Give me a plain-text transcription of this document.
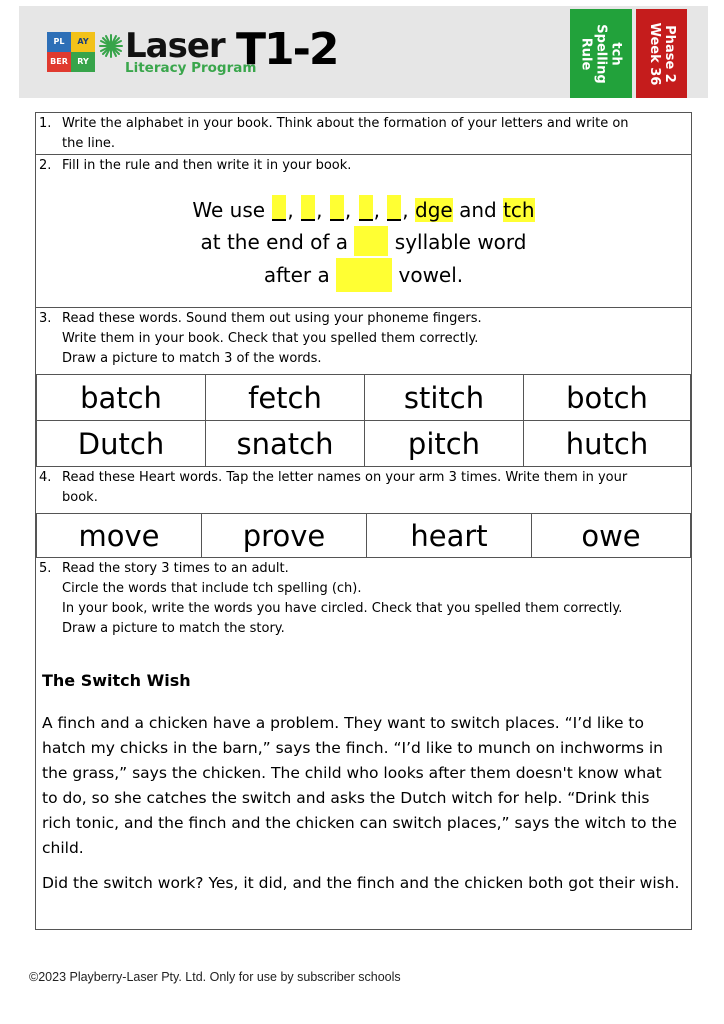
PL	AY
BER	RY Laser
Literacy Program
T1-2	tch
Spelling
Rule	Phase 2
Week 36
1. Write the alphabet in your book. Think about the formation of your letters and write on
the line.
2. Fill in the rule and then write it in your book.
We use , , , , , dge and tch
at the end of a syllable word
after a	vowel.
3. Read these words. Sound them out using your phoneme fingers.
Write them in your book. Check that you spelled them correctly.
Draw a picture to match 3 of the words.
batch	fetch	stitch	botch
Dutch	snatch	pitch	hutch
4. Read these Heart words. Tap the letter names on your arm 3 times. Write them in your
book.
move	prove	heart	owe
5. Read the story 3 times to an adult.
Circle the words that include tch spelling (ch).
In your book, write the words you have circled. Check that you spelled them correctly.
Draw a picture to match the story.
The Switch Wish

A finch and a chicken have a problem. They want to switch places. “I’d like to hatch my chicks in the barn,” says the finch. “I’d like to munch on inchworms in the grass,” says the chicken. The child who looks after them doesn't know what to do, so she catches the switch and asks the Dutch witch for help. “Drink this rich tonic, and the finch and the chicken can switch places,” says the witch to the child.

Did the switch work? Yes, it did, and the finch and the chicken both got their wish.

©2023 Playberry-Laser Pty. Ltd. Only for use by subscriber schools
